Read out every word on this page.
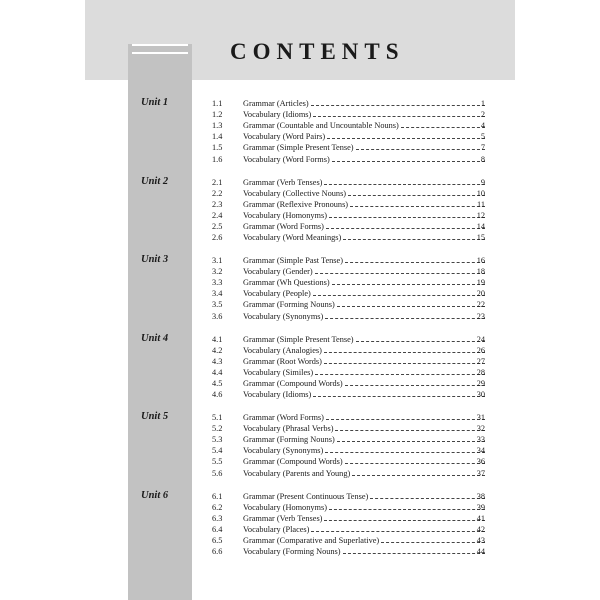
CONTENTS
Unit 1	1.1 Grammar (Articles)	1
1.2 Vocabulary (Idioms)	2
1.3 Grammar (Countable and Uncountable Nouns)	4
1.4 Vocabulary (Word Pairs)	5
1.5 Grammar (Simple Present Tense)	7
1.6 Vocabulary (Word Forms)	8
Unit 2	2.1 Grammar (Verb Tenses)	9
2.2 Vocabulary (Collective Nouns)	10
2.3 Grammar (Reflexive Pronouns)	11
2.4 Vocabulary (Homonyms)	12
2.5 Grammar (Word Forms)	14
2.6 Vocabulary (Word Meanings)	15
Unit 3	3.1 Grammar (Simple Past Tense)	16
3.2 Vocabulary (Gender)	18
3.3 Grammar (Wh Questions)	19
3.4 Vocabulary (People)	20
3.5 Grammar (Forming Nouns)	22
3.6 Vocabulary (Synonyms)	23
Unit 4	4.1 Grammar (Simple Present Tense)	24
4.2 Vocabulary (Analogies)	26
4.3 Grammar (Root Words)	27
4.4 Vocabulary (Similes)	28
4.5 Grammar (Compound Words)	29
4.6 Vocabulary (Idioms)	30
Unit 5	5.1 Grammar (Word Forms)	31
5.2 Vocabulary (Phrasal Verbs)	32
5.3 Grammar (Forming Nouns)	33
5.4 Vocabulary (Synonyms)	34
5.5 Grammar (Compound Words)	36
5.6 Vocabulary (Parents and Young)	37
Unit 6	6.1 Grammar (Present Continuous Tense)	38
6.2 Vocabulary (Homonyms)	39
6.3 Grammar (Verb Tenses)	41
6.4 Vocabulary (Places)	42
6.5 Grammar (Comparative and Superlative)	43
6.6 Vocabulary (Forming Nouns)	44
